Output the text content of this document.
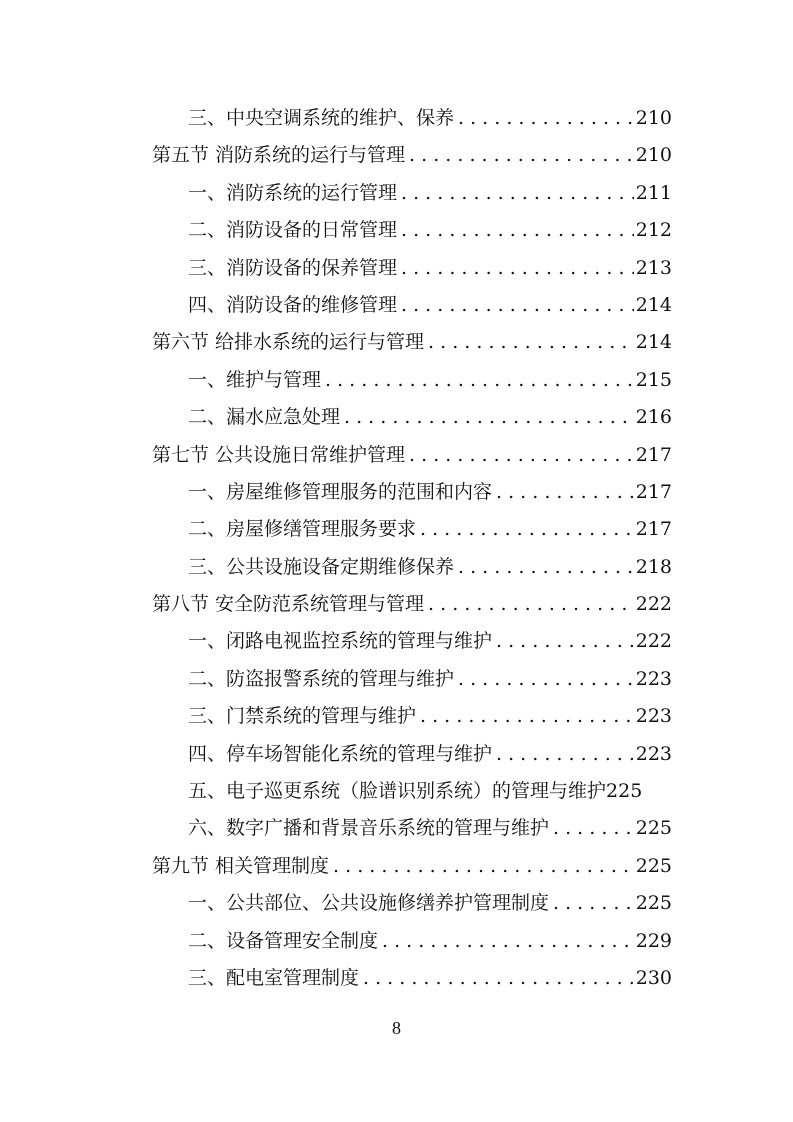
三、中央空调系统的维护、保养 . . .	210
第五节 消防系统的运行与管理 . . .	210
一、消防系统的运行管理 . . .	211
二、消防设备的日常管理 . . .	212
三、消防设备的保养管理 . . .	213
四、消防设备的维修管理 . . .	214
第六节 给排水系统的运行与管理 . . .	214
一、维护与管理 . . .	215
二、漏水应急处理 . . .	216
第七节 公共设施日常维护管理 . . .	217
一、房屋维修管理服务的范围和内容 . . .	217
二、房屋修缮管理服务要求 . . .	217
三、公共设施设备定期维修保养 . . .	218
第八节 安全防范系统管理与管理 . . .	222
一、闭路电视监控系统的管理与维护 . . .	222
二、防盗报警系统的管理与维护 . . .	223
三、门禁系统的管理与维护 . . .	223
四、停车场智能化系统的管理与维护 . . .	223
五、电子巡更系统（脸谱识别系统）的管理与维护 225
六、数字广播和背景音乐系统的管理与维护 . . .	225
第九节 相关管理制度 . . .	225
一、公共部位、公共设施修缮养护管理制度 . . .	225
二、设备管理安全制度 . . .	229
三、配电室管理制度 . . .	230
8
